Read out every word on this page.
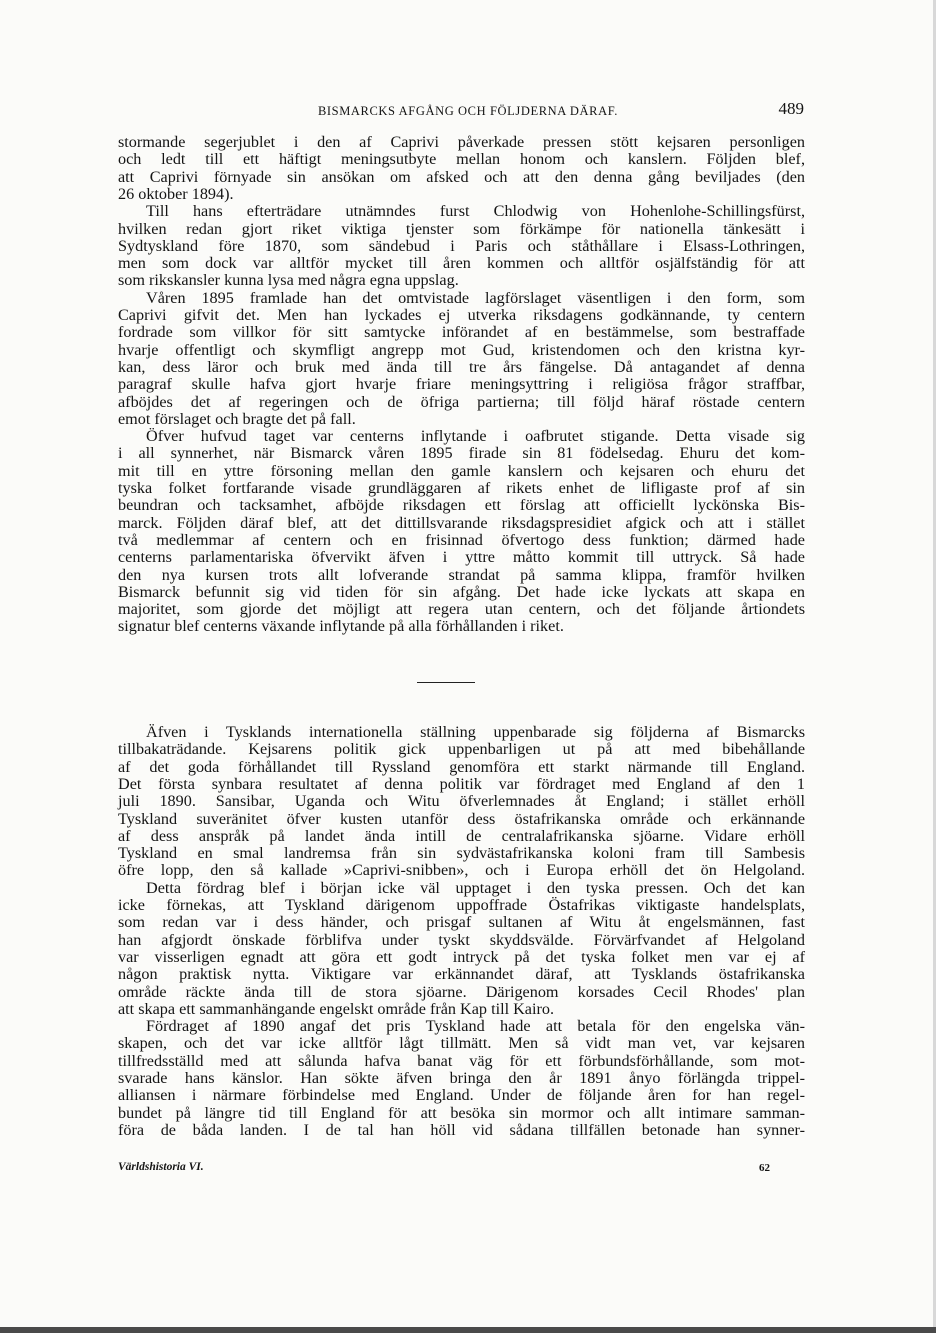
BISMARCKS AFGÅNG OCH FÖLJDERNA DÄRAF.	489
stormande segerjublet i den af Caprivi påverkade pressen stött kejsaren personligen
och ledt till ett häftigt meningsutbyte mellan honom och kanslern. Följden blef,
att Caprivi förnyade sin ansökan om afsked och att den denna gång beviljades (den
26 oktober 1894).
Till hans efterträdare utnämndes furst Chlodwig von Hohenlohe-Schillingsfürst,
hvilken redan gjort riket viktiga tjenster som förkämpe för nationella tänkesätt i
Sydtyskland före 1870, som sändebud i Paris och ståthållare i Elsass-Lothringen,
men som dock var alltför mycket till åren kommen och alltför osjälfständig för att
som rikskansler kunna lysa med några egna uppslag.
Våren 1895 framlade han det omtvistade lagförslaget väsentligen i den form, som
Caprivi gifvit det. Men han lyckades ej utverka riksdagens godkännande, ty centern
fordrade som villkor för sitt samtycke införandet af en bestämmelse, som bestraffade
hvarje offentligt och skymfligt angrepp mot Gud, kristendomen och den kristna kyr-
kan, dess läror och bruk med ända till tre års fängelse. Då antagandet af denna
paragraf skulle hafva gjort hvarje friare meningsyttring i religiösa frågor straffbar,
afböjdes det af regeringen och de öfriga partierna; till följd häraf röstade centern
emot förslaget och bragte det på fall.
Öfver hufvud taget var centerns inflytande i oafbrutet stigande. Detta visade sig
i all synnerhet, när Bismarck våren 1895 firade sin 81 födelsedag. Ehuru det kom-
mit till en yttre försoning mellan den gamle kanslern och kejsaren och ehuru det
tyska folket fortfarande visade grundläggaren af rikets enhet de lifligaste prof af sin
beundran och tacksamhet, afböjde riksdagen ett förslag att officiellt lyckönska Bis-
marck. Följden däraf blef, att det dittillsvarande riksdagspresidiet afgick och att i stället
två medlemmar af centern och en frisinnad öfvertogo dess funktion; därmed hade
centerns parlamentariska öfvervikt äfven i yttre måtto kommit till uttryck. Så hade
den nya kursen trots allt lofverande strandat på samma klippa, framför hvilken
Bismarck befunnit sig vid tiden för sin afgång. Det hade icke lyckats att skapa en
majoritet, som gjorde det möjligt att regera utan centern, och det följande årtiondets
signatur blef centerns växande inflytande på alla förhållanden i riket.
Äfven i Tysklands internationella ställning uppenbarade sig följderna af Bismarcks
tillbakaträdande. Kejsarens politik gick uppenbarligen ut på att med bibehållande
af det goda förhållandet till Ryssland genomföra ett starkt närmande till England.
Det första synbara resultatet af denna politik var fördraget med England af den 1
juli 1890. Sansibar, Uganda och Witu öfverlemnades åt England; i stället erhöll
Tyskland suveränitet öfver kusten utanför dess östafrikanska område och erkännande
af dess anspråk på landet ända intill de centralafrikanska sjöarne. Vidare erhöll
Tyskland en smal landremsa från sin sydvästafrikanska koloni fram till Sambesis
öfre lopp, den så kallade »Caprivi-snibben», och i Europa erhöll det ön Helgoland.
Detta fördrag blef i början icke väl upptaget i den tyska pressen. Och det kan
icke förnekas, att Tyskland därigenom uppoffrade Östafrikas viktigaste handelsplats,
som redan var i dess händer, och prisgaf sultanen af Witu åt engelsmännen, fast
han afgjordt önskade förblifva under tyskt skyddsvälde. Förvärfvandet af Helgoland
var visserligen egnadt att göra ett godt intryck på det tyska folket men var ej af
någon praktisk nytta. Viktigare var erkännandet däraf, att Tysklands östafrikanska
område räckte ända till de stora sjöarne. Därigenom korsades Cecil Rhodes' plan
att skapa ett sammanhängande engelskt område från Kap till Kairo.
Fördraget af 1890 angaf det pris Tyskland hade att betala för den engelska vän-
skapen, och det var icke alltför lågt tillmätt. Men så vidt man vet, var kejsaren
tillfredsställd med att sålunda hafva banat väg för ett förbundsförhållande, som mot-
svarade hans känslor. Han sökte äfven bringa den år 1891 ånyo förlängda trippel-
alliansen i närmare förbindelse med England. Under de följande åren for han regel-
bundet på längre tid till England för att besöka sin mormor och allt intimare samman-
föra de båda landen. I de tal han höll vid sådana tillfällen betonade han synner-
Världshistoria VI.	62
